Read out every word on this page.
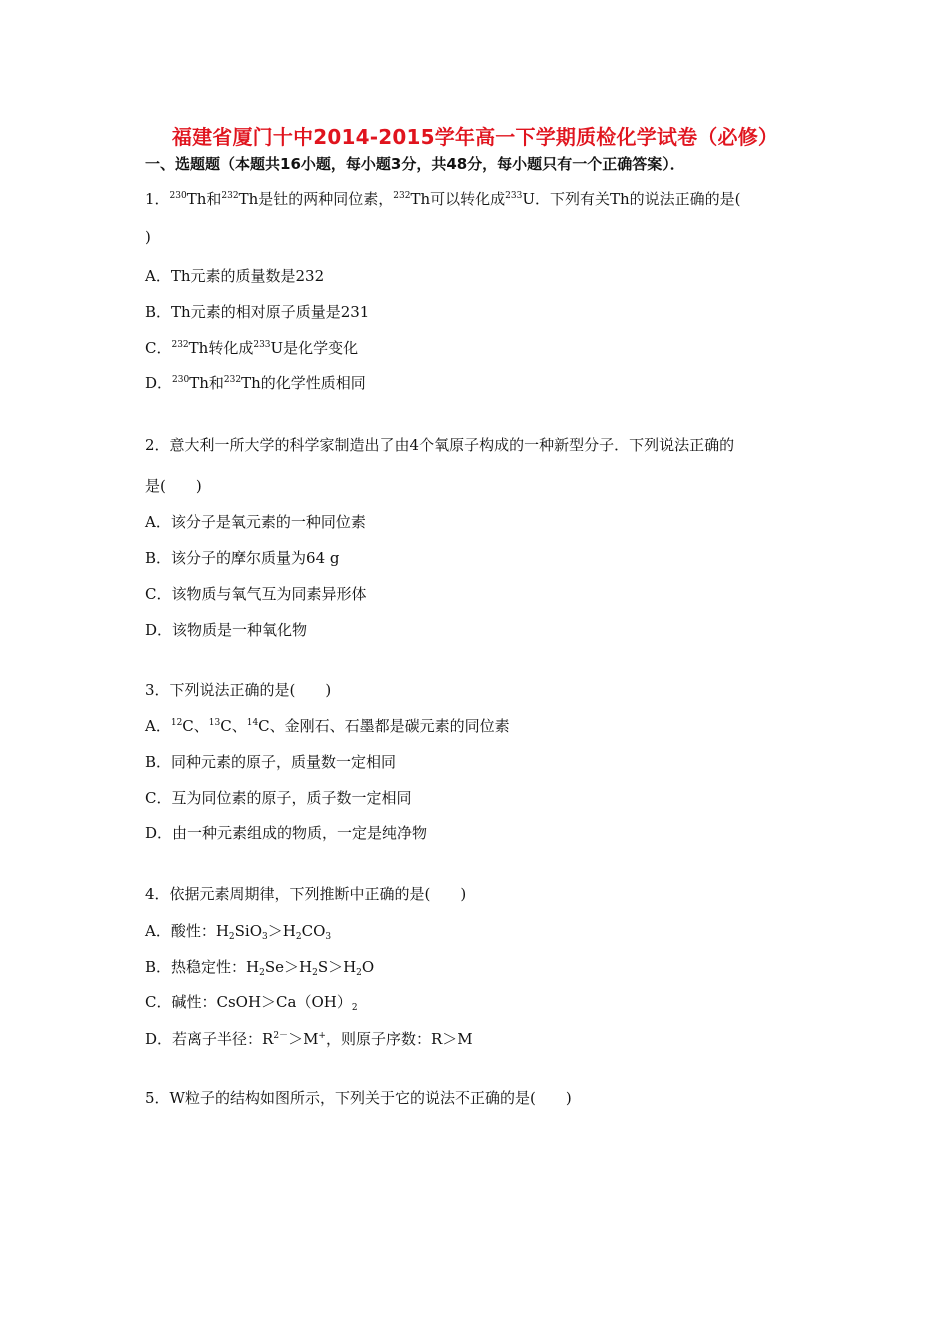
福建省厦门十中2014-2015学年高一下学期质检化学试卷（必修）
一、选题题（本题共16小题，每小题3分，共48分，每小题只有一个正确答案）．
1．$^{230}$Th和$^{232}$Th是钍的两种同位素，$^{232}$Th可以转化成$^{233}$U．下列有关Th的说法正确的是(
)
A．Th元素的质量数是232
B．Th元素的相对原子质量是231
C．$^{232}$Th转化成$^{233}$U是化学变化
D．$^{230}$Th和$^{232}$Th的化学性质相同
2．意大利一所大学的科学家制造出了由4个氧原子构成的一种新型分子．下列说法正确的
是(　　)
A．该分子是氧元素的一种同位素
B．该分子的摩尔质量为64 g
C．该物质与氧气互为同素异形体
D．该物质是一种氧化物
3．下列说法正确的是(　　)
A．$^{12}$C、$^{13}$C、$^{14}$C、金刚石、石墨都是碳元素的同位素
B．同种元素的原子，质量数一定相同
C．互为同位素的原子，质子数一定相同
D．由一种元素组成的物质，一定是纯净物
4．依据元素周期律，下列推断中正确的是(　　)
A．酸性：$H_2SiO_3>H_2CO_3$
B．热稳定性：$H_2Se>H_2S>H_2O$
C．碱性：$CsOH>Ca(OH)_2$
D．若离子半径：$R^{2-}>M^+$，则原子序数：R＞M
5．W粒子的结构如图所示，下列关于它的说法不正确的是(　　)
